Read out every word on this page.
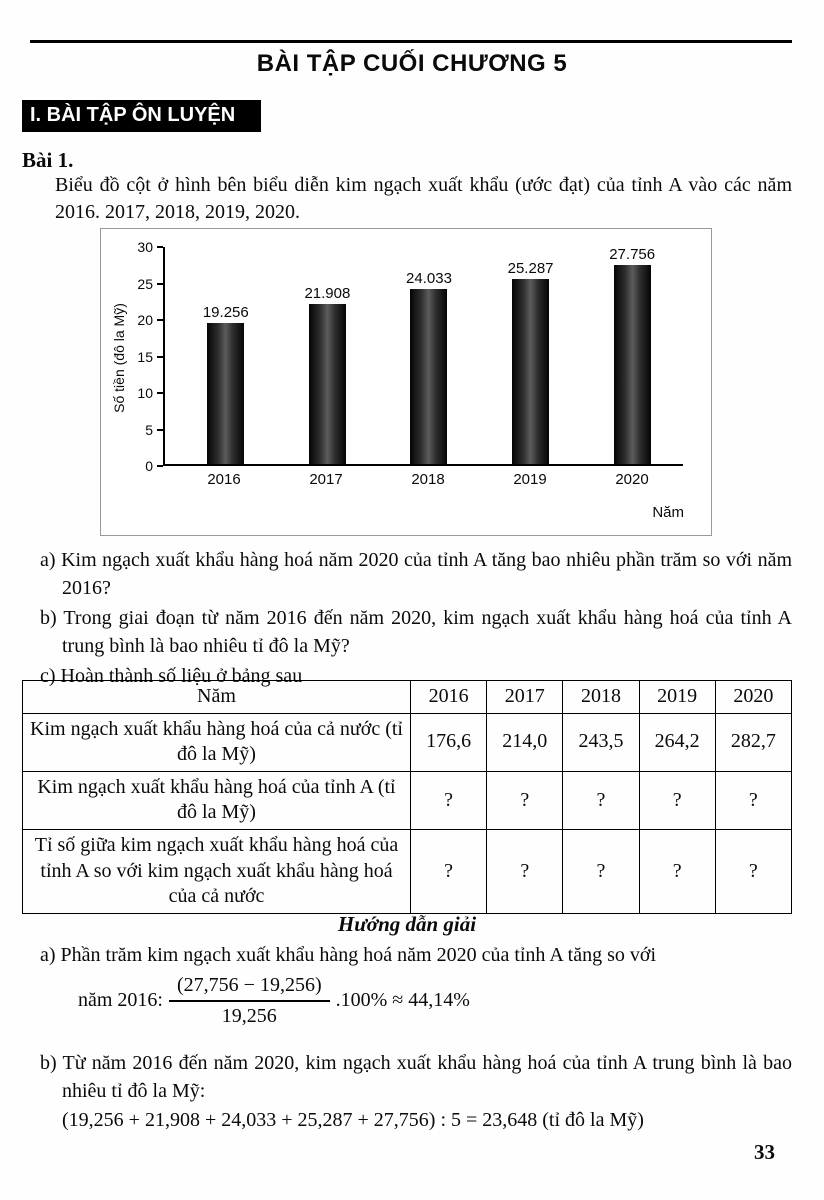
BÀI TẬP CUỐI CHƯƠNG 5
I. BÀI TẬP ÔN LUYỆN
Bài 1.
Biểu đồ cột ở hình bên biểu diễn kim ngạch xuất khẩu (ước đạt) của tỉnh A vào các năm 2016. 2017, 2018, 2019, 2020.
Số tiền (đô la Mỹ)
0
5
10
15
20
25
30
19.256
21.908
24.033
25.287
27.756
2016	2017	2018	2019	2020
Năm
a) Kim ngạch xuất khẩu hàng hoá năm 2020 của tỉnh A tăng bao nhiêu phần trăm so với năm 2016?
b) Trong giai đoạn từ năm 2016 đến năm 2020, kim ngạch xuất khẩu hàng hoá của tỉnh A trung bình là bao nhiêu tỉ đô la Mỹ?
c) Hoàn thành số liệu ở bảng sau
Năm	2016	2017	2018	2019	2020
Kim ngạch xuất khẩu hàng hoá của cả nước (tỉ đô la Mỹ)	176,6	214,0	243,5	264,2	282,7
Kim ngạch xuất khẩu hàng hoá của tỉnh A (tỉ đô la Mỹ)	?	?	?	?	?
Tỉ số giữa kim ngạch xuất khẩu hàng hoá của tỉnh A so với kim ngạch xuất khẩu hàng hoá của cả nước	?	?	?	?	?
Hướng dẫn giải
a) Phần trăm kim ngạch xuất khẩu hàng hoá năm 2020 của tỉnh A tăng so với
năm 2016: $\frac{(27,756 - 19,256)}{19,256} .100\% \approx 44,14\%$
b) Từ năm 2016 đến năm 2020, kim ngạch xuất khẩu hàng hoá của tỉnh A trung bình là bao nhiêu tỉ đô la Mỹ:
(19,256 + 21,908 + 24,033 + 25,287 + 27,756) : 5 = 23,648 (tỉ đô la Mỹ)
33
